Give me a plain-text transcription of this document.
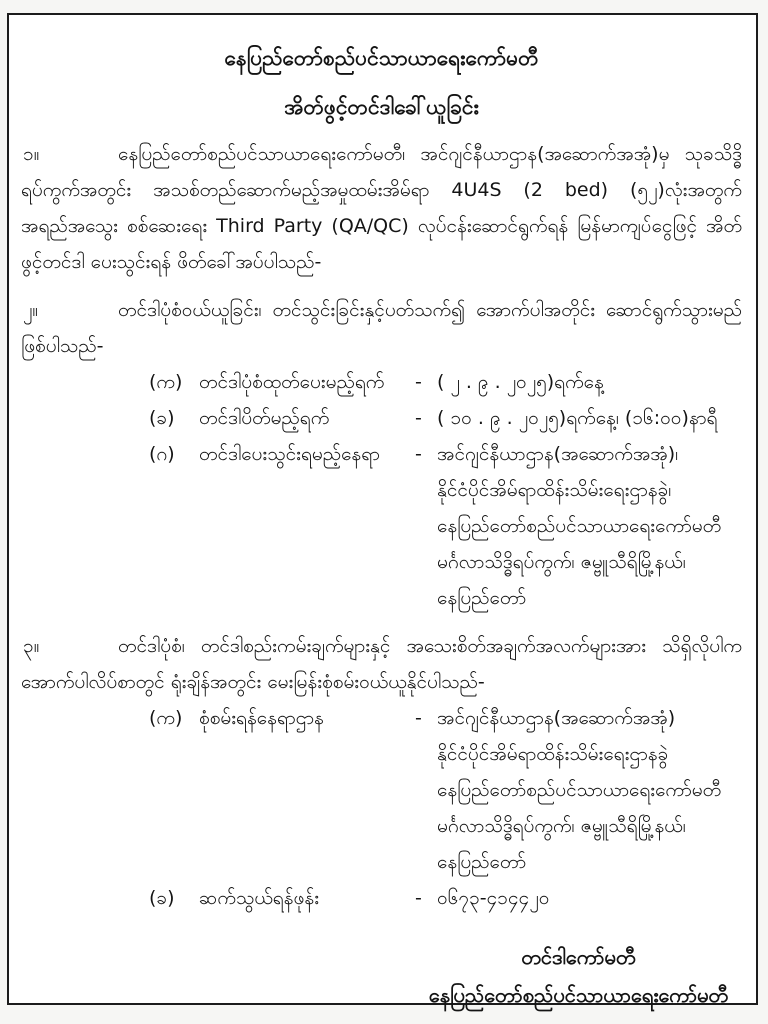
နေပြည်တော်စည်ပင်သာယာရေးကော်မတီ
အိတ်ဖွင့်တင်ဒါခေါ်ယူခြင်း
၁။	နေပြည်တော်စည်ပင်သာယာရေးကော်မတီ၊ အင်ဂျင်နီယာဌာန(အဆောက်အအုံ)မှ သုခသိဒ္ဓိရပ်ကွက်အတွင်း အသစ်တည်ဆောက်မည့်အမှုထမ်းအိမ်ရာ 4U4S (2 bed) (၅၂)လုံးအတွက် အရည်အသွေး စစ်ဆေးရေး Third Party (QA/QC) လုပ်ငန်းဆောင်ရွက်ရန် မြန်မာကျပ်ငွေဖြင့် အိတ်ဖွင့်တင်ဒါ ပေးသွင်းရန် ဖိတ်ခေါ်အပ်ပါသည်-
၂။	တင်ဒါပုံစံဝယ်ယူခြင်း၊ တင်သွင်းခြင်းနှင့်ပတ်သက်၍ အောက်ပါအတိုင်း ဆောင်ရွက်သွားမည် ဖြစ်ပါသည်-
(က) တင်ဒါပုံစံထုတ်ပေးမည့်ရက်	- ( ၂ . ၉ . ၂၀၂၅)ရက်နေ့
(ခ)	တင်ဒါပိတ်မည့်ရက်	- ( ၁၀ . ၉ . ၂၀၂၅)ရက်နေ့၊ (၁၆:၀၀)နာရီ
(ဂ)	တင်ဒါပေးသွင်းရမည့်နေရာ	- အင်ဂျင်နီယာဌာန(အဆောက်အအုံ)၊
နိုင်ငံပိုင်အိမ်ရာထိန်းသိမ်းရေးဌာနခွဲ၊
နေပြည်တော်စည်ပင်သာယာရေးကော်မတီ
မင်္ဂလာသိဒ္ဓိရပ်ကွက်၊ ဇမ္ဗူသီရိမြို့နယ်၊
နေပြည်တော်
၃။	တင်ဒါပုံစံ၊ တင်ဒါစည်းကမ်းချက်များနှင့် အသေးစိတ်အချက်အလက်များအား သိရှိလိုပါက အောက်ပါလိပ်စာတွင် ရုံးချိန်အတွင်း မေးမြန်းစုံစမ်းဝယ်ယူနိုင်ပါသည်-
(က) စုံစမ်းရန်နေရာဌာန	- အင်ဂျင်နီယာဌာန(အဆောက်အအုံ)
နိုင်ငံပိုင်အိမ်ရာထိန်းသိမ်းရေးဌာနခွဲ
နေပြည်တော်စည်ပင်သာယာရေးကော်မတီ
မင်္ဂလာသိဒ္ဓိရပ်ကွက်၊ ဇမ္ဗူသီရိမြို့နယ်၊
နေပြည်တော်
(ခ)	ဆက်သွယ်ရန်ဖုန်း	- ၀၆၇၃-၄၁၄၄၂၀
တင်ဒါကော်မတီ
နေပြည်တော်စည်ပင်သာယာရေးကော်မတီ
